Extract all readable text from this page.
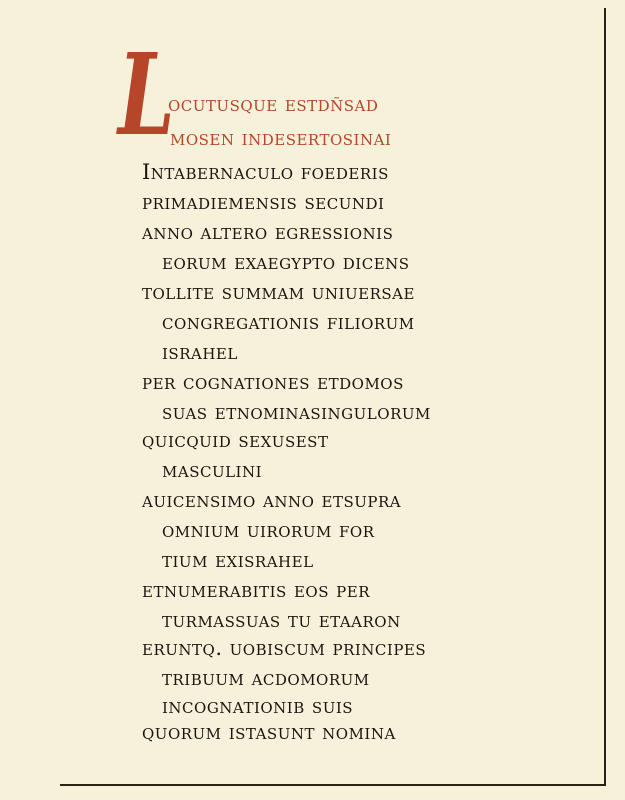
L
ocutusque estdñsad
mosen indesertosinai
Intabernaculo foederis
primadiemensis secundi
anno altero egressionis
eorum exaegypto dicens
tollite summam uniuersae
congregationis filiorum
israhel
per cognationes etdomos
suas etnominasingulorum
quicquid sexusest
masculini
auicensimo anno etsupra
omnium uirorum for
tium exisrahel
etnumerabitis eos per
turmassuas tu etaaron
eruntq. uobiscum principes
tribuum acdomorum
incognationib suis
quorum istasunt nomina
